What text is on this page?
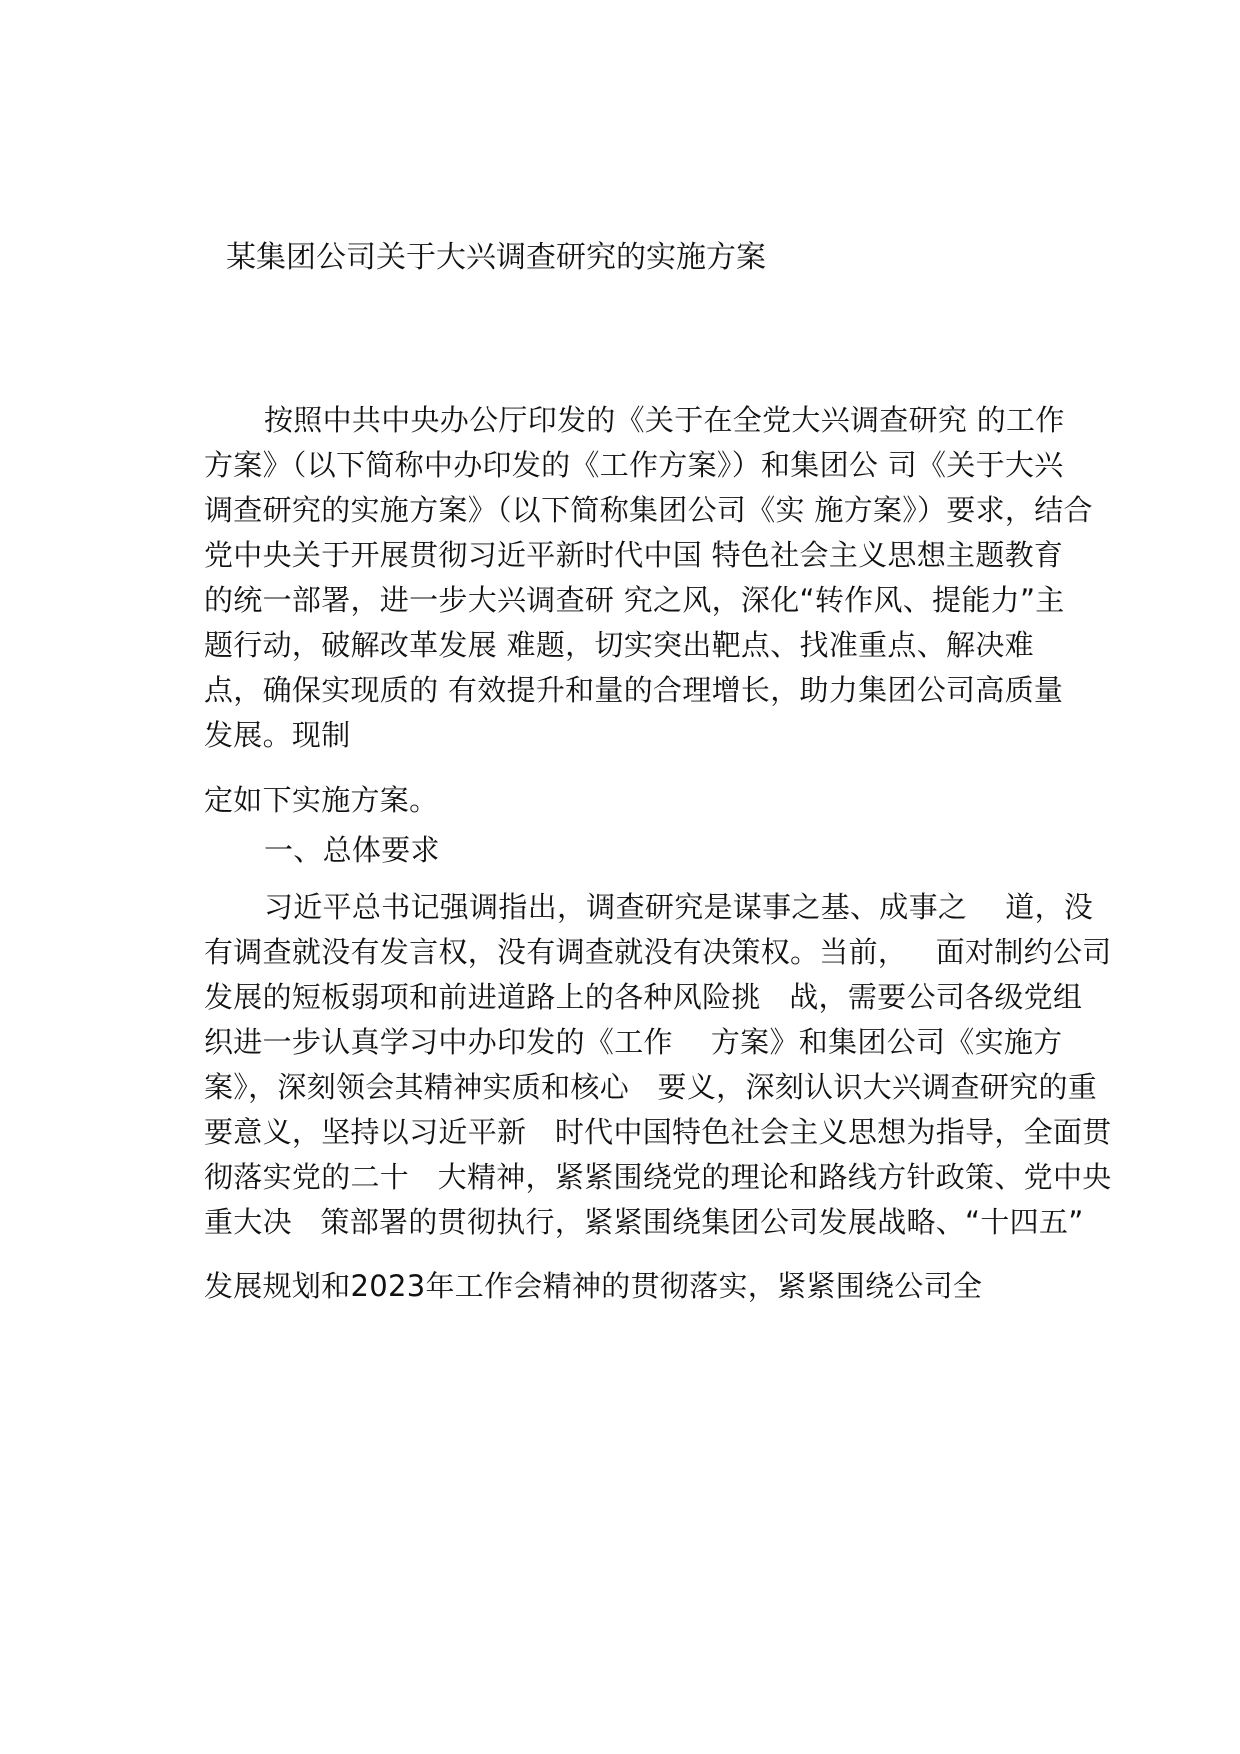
某集团公司关于大兴调查研究的实施方案
按照中共中央办公厅印发的《关于在全党大兴调查研究 的工作
方案》（以下简称中办印发的《工作方案》）和集团公 司《关于大兴
调查研究的实施方案》（以下简称集团公司《实 施方案》）要求，结合
党中央关于开展贯彻习近平新时代中国 特色社会主义思想主题教育
的统一部署，进一步大兴调查研 究之风，深化“转作风、提能力”主
题行动，破解改革发展 难题，切实突出靶点、找准重点、解决难
点，确保实现质的 有效提升和量的合理增长，助力集团公司高质量
发展。现制
定如下实施方案。
一、总体要求
习近平总书记强调指出，调查研究是谋事之基、成事之    道，没
有调查就没有发言权，没有调查就没有决策权。当前，   面对制约公司
发展的短板弱项和前进道路上的各种风险挑   战，需要公司各级党组
织进一步认真学习中办印发的《工作    方案》和集团公司《实施方
案》，深刻领会其精神实质和核心   要义，深刻认识大兴调查研究的重
要意义，坚持以习近平新   时代中国特色社会主义思想为指导，全面贯
彻落实党的二十   大精神，紧紧围绕党的理论和路线方针政策、党中央
重大决   策部署的贯彻执行，紧紧围绕集团公司发展战略、“十四五”
发展规划和2023年工作会精神的贯彻落实，紧紧围绕公司全
